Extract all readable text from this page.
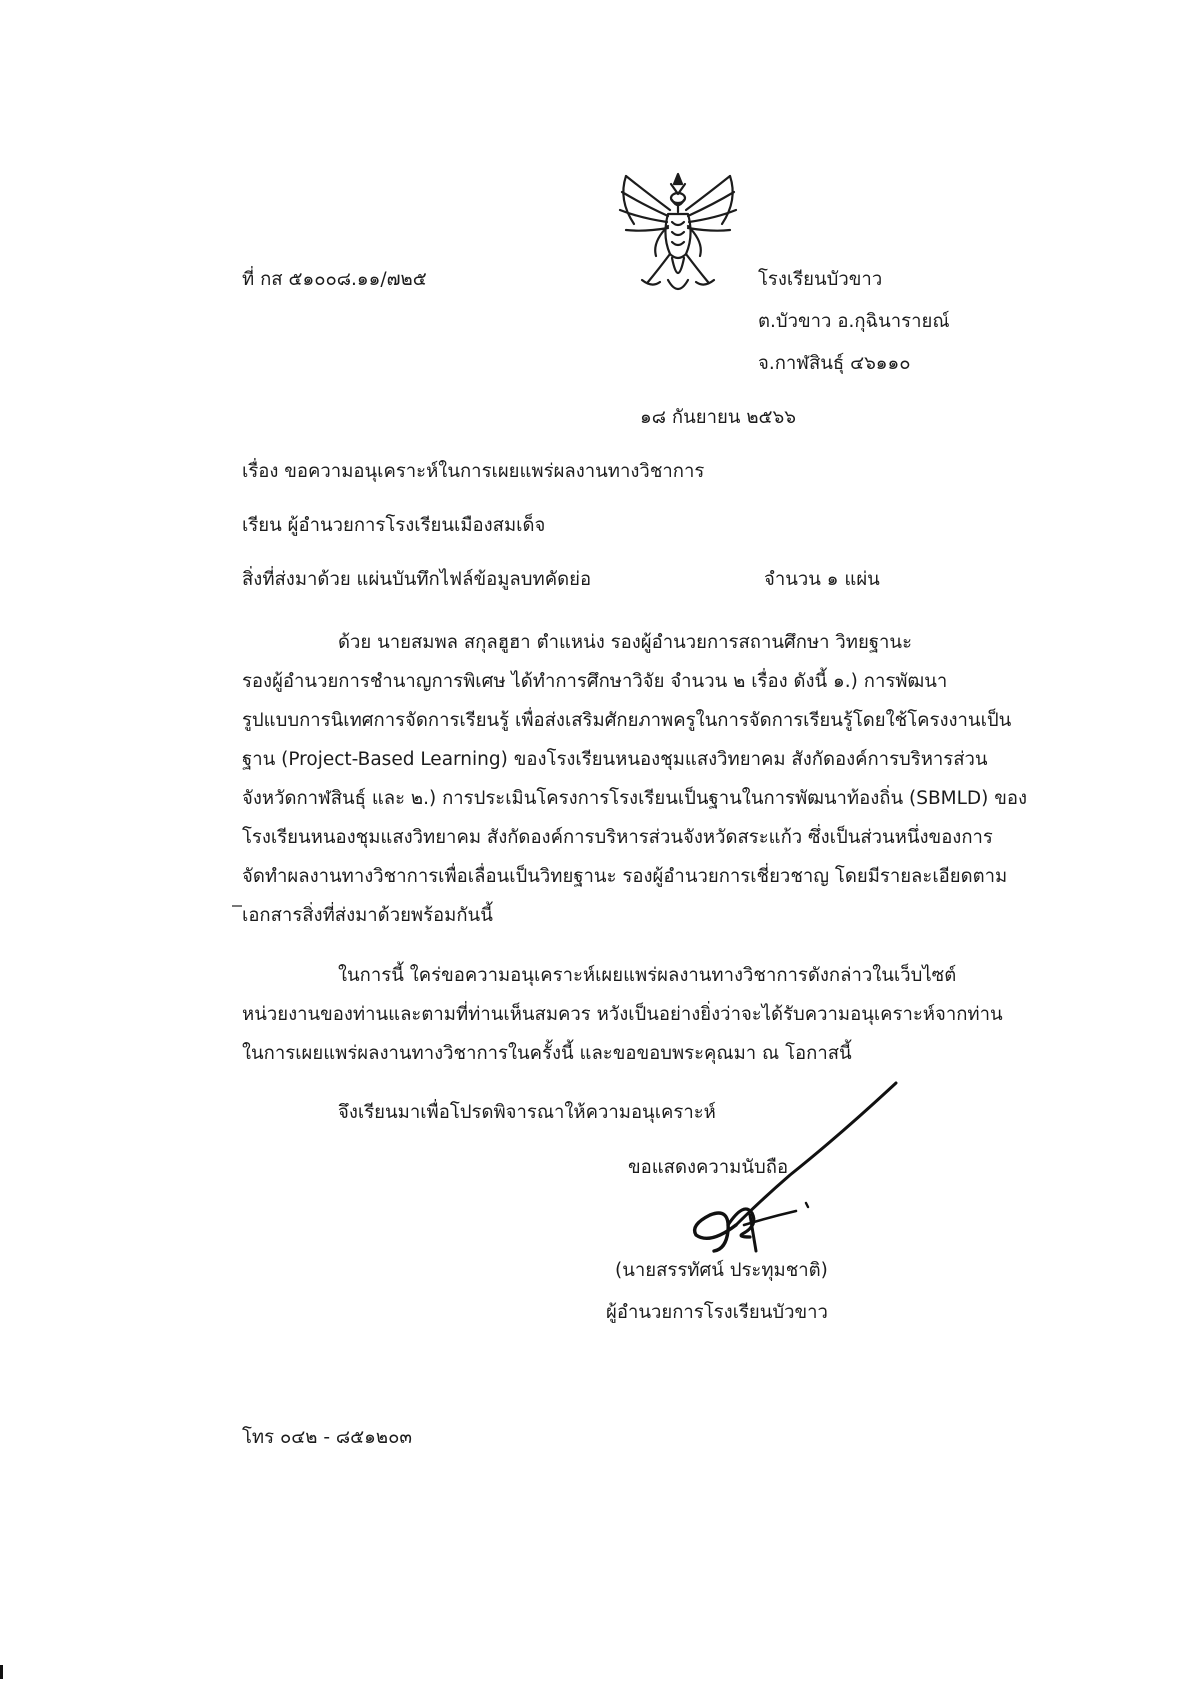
ที่ กส ๕๑๐๐๘.๑๑/๗๒๕	โรงเรียนบัวขาว
ต.บัวขาว อ.กุฉินารายณ์
จ.กาฬสินธุ์ ๔๖๑๑๐
๑๘ กันยายน ๒๕๖๖
เรื่อง ขอความอนุเคราะห์ในการเผยแพร่ผลงานทางวิชาการ
เรียน ผู้อำนวยการโรงเรียนเมืองสมเด็จ
สิ่งที่ส่งมาด้วย แผ่นบันทึกไฟล์ข้อมูลบทคัดย่อ	จำนวน ๑ แผ่น
ด้วย นายสมพล สกุลฮูฮา ตำแหน่ง รองผู้อำนวยการสถานศึกษา วิทยฐานะ
รองผู้อำนวยการชำนาญการพิเศษ ได้ทำการศึกษาวิจัย จำนวน ๒ เรื่อง ดังนี้ ๑.) การพัฒนา
รูปแบบการนิเทศการจัดการเรียนรู้ เพื่อส่งเสริมศักยภาพครูในการจัดการเรียนรู้โดยใช้โครงงานเป็น
ฐาน (Project-Based Learning) ของโรงเรียนหนองชุมแสงวิทยาคม สังกัดองค์การบริหารส่วน
จังหวัดกาฬสินธุ์ และ ๒.) การประเมินโครงการโรงเรียนเป็นฐานในการพัฒนาท้องถิ่น (SBMLD) ของ
โรงเรียนหนองชุมแสงวิทยาคม สังกัดองค์การบริหารส่วนจังหวัดสระแก้ว ซึ่งเป็นส่วนหนึ่งของการ
จัดทำผลงานทางวิชาการเพื่อเลื่อนเป็นวิทยฐานะ รองผู้อำนวยการเชี่ยวชาญ โดยมีรายละเอียดตาม
เอกสารสิ่งที่ส่งมาด้วยพร้อมกันนี้
ในการนี้ ใคร่ขอความอนุเคราะห์เผยแพร่ผลงานทางวิชาการดังกล่าวในเว็บไซต์
หน่วยงานของท่านและตามที่ท่านเห็นสมควร หวังเป็นอย่างยิ่งว่าจะได้รับความอนุเคราะห์จากท่าน
ในการเผยแพร่ผลงานทางวิชาการในครั้งนี้ และขอขอบพระคุณมา ณ โอกาสนี้
จึงเรียนมาเพื่อโปรดพิจารณาให้ความอนุเคราะห์
ขอแสดงความนับถือ
(นายสรรทัศน์ ประทุมชาติ)
ผู้อำนวยการโรงเรียนบัวขาว
โทร ๐๔๒ - ๘๕๑๒๐๓
